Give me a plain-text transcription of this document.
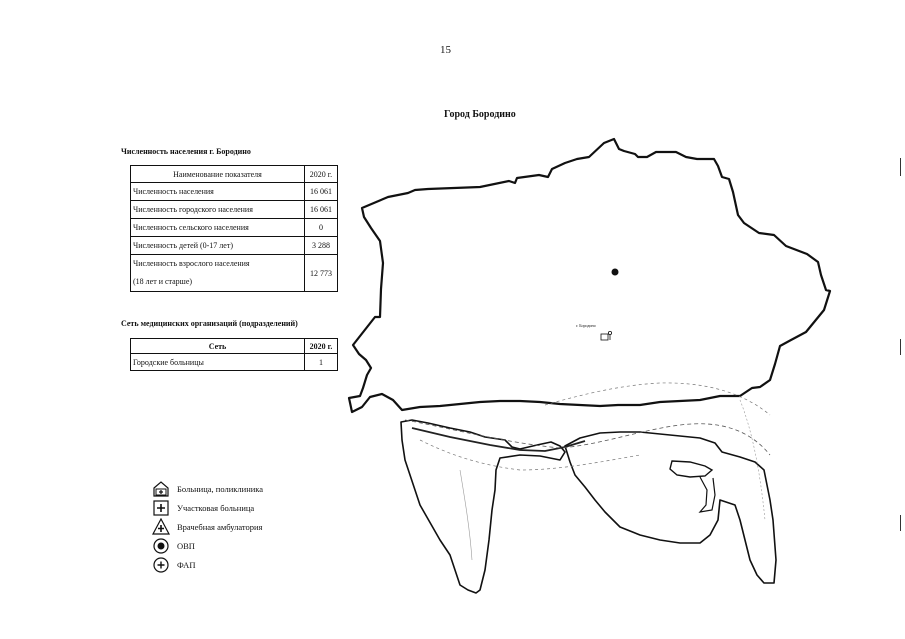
15
Город Бородино
Численность населения г. Бородино
Наименование показателя	2020 г.
Численность населения	16 061
Численность городского населения	16 061
Численность сельского населения	0
Численность детей (0-17 лет)	3 288

Численность взрослого населения
(18 лет и старше)	12 773
Сеть медицинских организаций (подразделений)
Сеть	2020 г.
Городские больницы	1
г. Бородино
Больница, поликлиника
Участковая больница
Врачебная амбулатория
ОВП
ФАП
